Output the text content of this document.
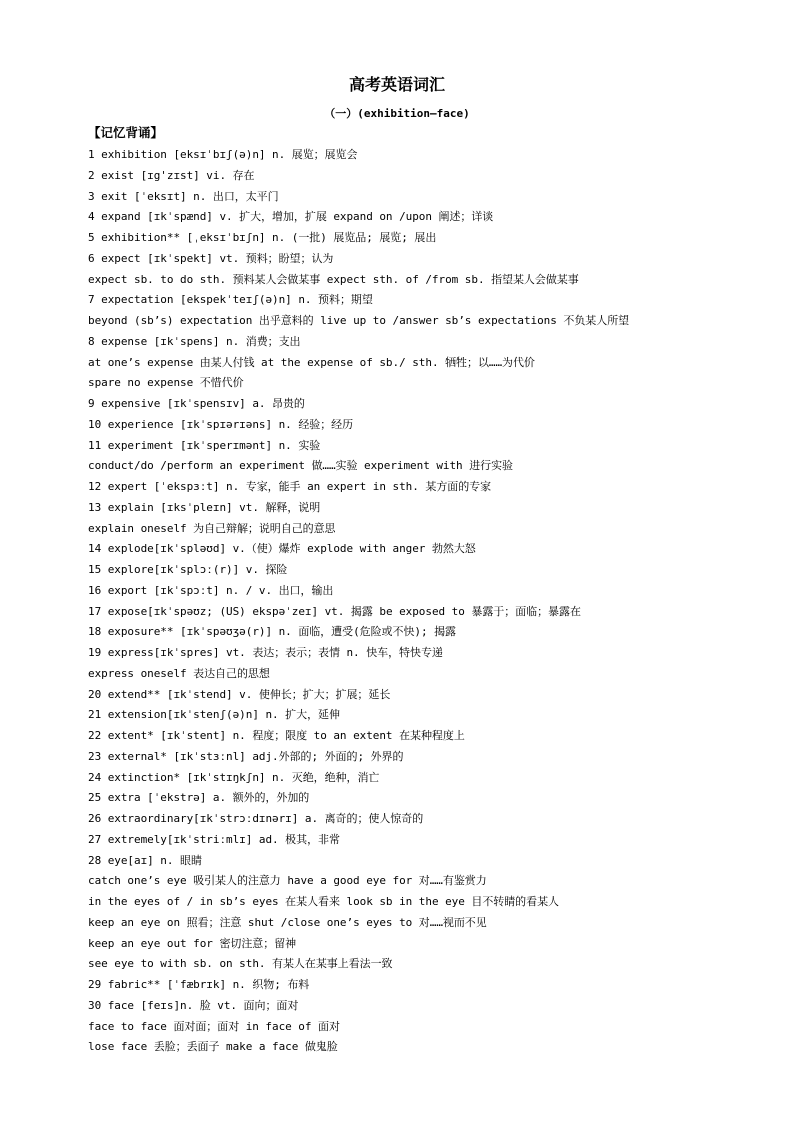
高考英语词汇
（一）(exhibition—face)
【记忆背诵】
1 exhibition [eksɪˈbɪʃ(ə)n] n. 展览；展览会
2 exist [ɪg'zɪst] vi. 存在
3 exit [ˈeksɪt] n. 出口，太平门
4 expand [ɪkˈspænd] v. 扩大，增加，扩展 expand on /upon 阐述；详谈
5 exhibition** [ˌeksɪˈbɪʃn] n. (一批) 展览品; 展览; 展出
6 expect [ɪkˈspekt] vt. 预料；盼望；认为
expect sb. to do sth. 预料某人会做某事 expect sth. of /from sb. 指望某人会做某事
7 expectation [ekspekˈteɪʃ(ə)n] n. 预料；期望
beyond (sb’s) expectation 出乎意料的 live up to /answer sb’s expectations 不负某人所望
8 expense [ɪkˈspens] n. 消费；支出
at one’s expense 由某人付钱 at the expense of sb./ sth. 牺牲；以……为代价
spare no expense 不惜代价
9 expensive [ɪkˈspensɪv] a. 昂贵的
10 experience [ɪkˈspɪərɪəns] n. 经验；经历
11 experiment [ɪkˈsperɪmənt] n. 实验
conduct/do /perform an experiment 做……实验 experiment with 进行实验
12 expert [ˈekspɜːt] n. 专家，能手 an expert in sth. 某方面的专家
13 explain [ɪksˈpleɪn] vt. 解释，说明
explain oneself 为自己辩解；说明自己的意思
14 explode[ɪkˈspləʊd] v.（使）爆炸 explode with anger 勃然大怒
15 explore[ɪkˈsplɔː(r)] v. 探险
16 export [ɪkˈspɔːt] n. / v. 出口，输出
17 expose[ɪkˈspəʊz; (US) ekspəˈzeɪ] vt. 揭露 be exposed to 暴露于；面临；暴露在
18 exposure** [ɪkˈspəʊʒə(r)] n. 面临，遭受(危险或不快); 揭露
19 express[ɪkˈspres] vt. 表达；表示；表情 n. 快车，特快专递
express oneself 表达自己的思想
20 extend** [ɪkˈstend] v. 使伸长；扩大；扩展；延长
21 extension[ɪkˈstenʃ(ə)n] n. 扩大，延伸
22 extent* [ɪkˈstent] n. 程度；限度 to an extent 在某种程度上
23 external* [ɪkˈstɜːnl] adj.外部的; 外面的; 外界的
24 extinction* [ɪkˈstɪŋkʃn] n. 灭绝，绝种，消亡
25 extra [ˈekstrə] a. 额外的，外加的
26 extraordinary[ɪkˈstrɔːdɪnərɪ] a. 离奇的；使人惊奇的
27 extremely[ɪkˈstriːmlɪ] ad. 极其，非常
28 eye[aɪ] n. 眼睛
catch one’s eye 吸引某人的注意力 have a good eye for 对……有鉴赏力
in the eyes of / in sb’s eyes 在某人看来 look sb in the eye 目不转睛的看某人
keep an eye on 照看；注意 shut /close one’s eyes to 对……视而不见
keep an eye out for 密切注意；留神
see eye to with sb. on sth. 有某人在某事上看法一致
29 fabric** [ˈfæbrɪk] n. 织物; 布料
30 face [feɪs]n. 脸 vt. 面向；面对
face to face 面对面；面对 in face of 面对
lose face 丢脸；丢面子 make a face 做鬼脸
